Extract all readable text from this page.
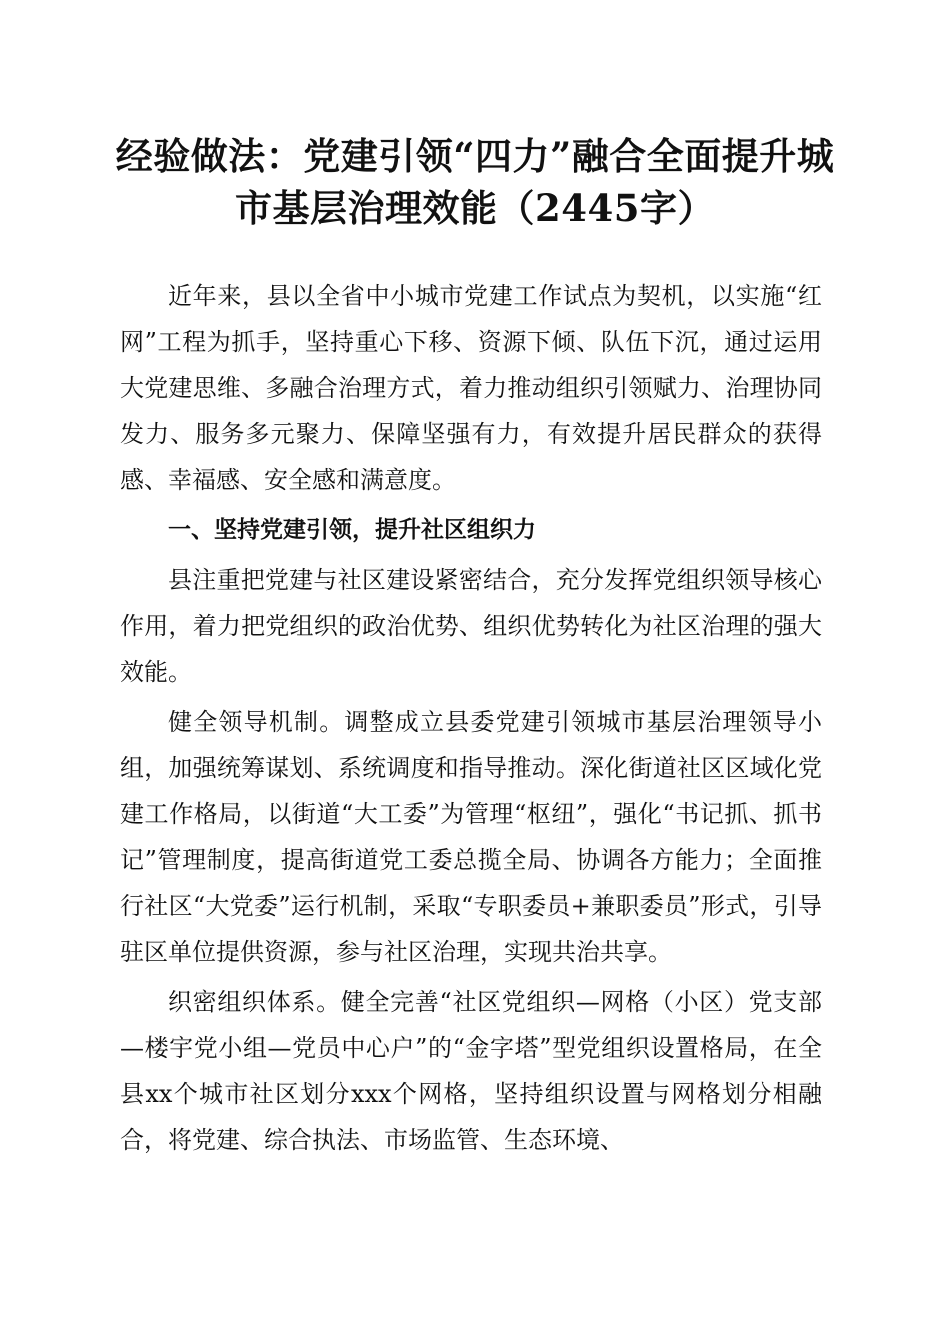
经验做法：党建引领“四力”融合全面提升城
市基层治理效能（2445字）

近年来，县以全省中小城市党建工作试点为契机，以实施“红网”工程为抓手，坚持重心下移、资源下倾、队伍下沉，通过运用大党建思维、多融合治理方式，着力推动组织引领赋力、治理协同发力、服务多元聚力、保障坚强有力，有效提升居民群众的获得感、幸福感、安全感和满意度。

一、坚持党建引领，提升社区组织力

县注重把党建与社区建设紧密结合，充分发挥党组织领导核心作用，着力把党组织的政治优势、组织优势转化为社区治理的强大效能。

健全领导机制。调整成立县委党建引领城市基层治理领导小组，加强统筹谋划、系统调度和指导推动。深化街道社区区域化党建工作格局，以街道“大工委”为管理“枢纽”，强化“书记抓、抓书记”管理制度，提高街道党工委总揽全局、协调各方能力；全面推行社区“大党委”运行机制，采取“专职委员+兼职委员”形式，引导驻区单位提供资源，参与社区治理，实现共治共享。

织密组织体系。健全完善“社区党组织—网格（小区）党支部—楼宇党小组—党员中心户”的“金字塔”型党组织设置格局，在全县xx个城市社区划分xxx个网格，坚持组织设置与网格划分相融合，将党建、综合执法、市场监管、生态环境、
